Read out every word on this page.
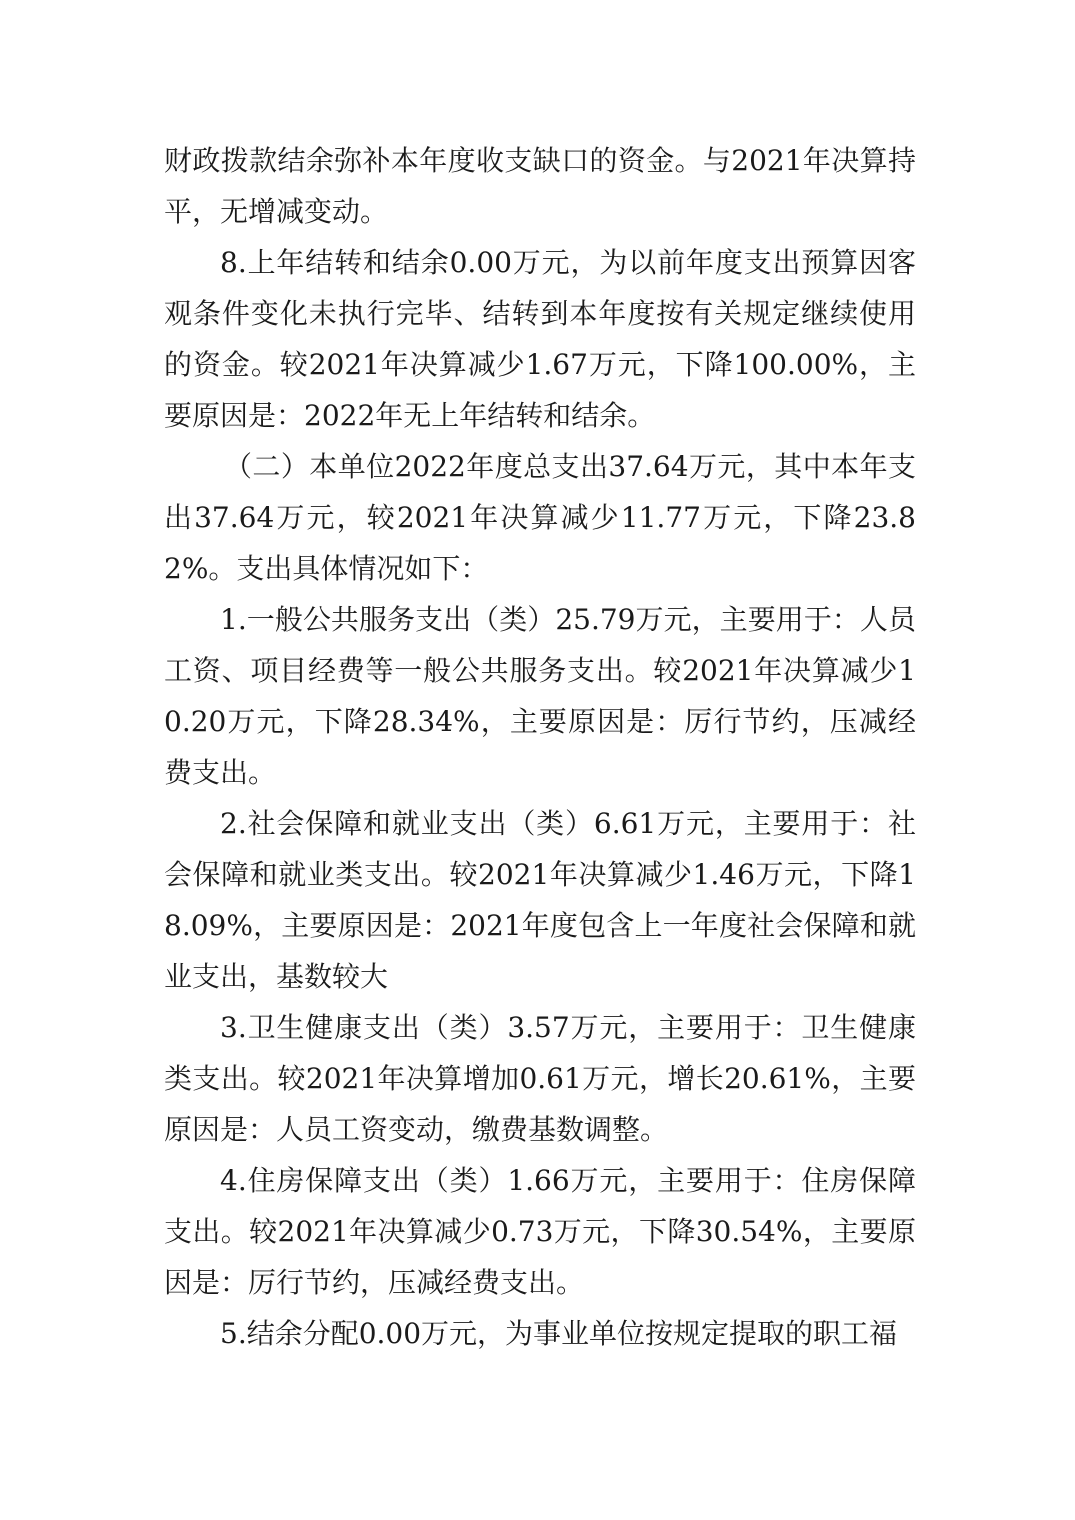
财政拨款结余弥补本年度收支缺口的资金。与2021年决算持平，无增减变动。

8.上年结转和结余0.00万元，为以前年度支出预算因客观条件变化未执行完毕、结转到本年度按有关规定继续使用的资金。较2021年决算减少1.67万元，下降100.00%，主要原因是：2022年无上年结转和结余。

（二）本单位2022年度总支出37.64万元，其中本年支出37.64万元，较2021年决算减少11.77万元，下降23.82%。支出具体情况如下：

1.一般公共服务支出（类）25.79万元，主要用于：人员工资、项目经费等一般公共服务支出。较2021年决算减少10.20万元，下降28.34%，主要原因是：厉行节约，压减经费支出。

2.社会保障和就业支出（类）6.61万元，主要用于：社会保障和就业类支出。较2021年决算减少1.46万元，下降18.09%，主要原因是：2021年度包含上一年度社会保障和就业支出，基数较大

3.卫生健康支出（类）3.57万元，主要用于：卫生健康类支出。较2021年决算增加0.61万元，增长20.61%，主要原因是：人员工资变动，缴费基数调整。

4.住房保障支出（类）1.66万元，主要用于：住房保障支出。较2021年决算减少0.73万元，下降30.54%，主要原因是：厉行节约，压减经费支出。

5.结余分配0.00万元，为事业单位按规定提取的职工福
